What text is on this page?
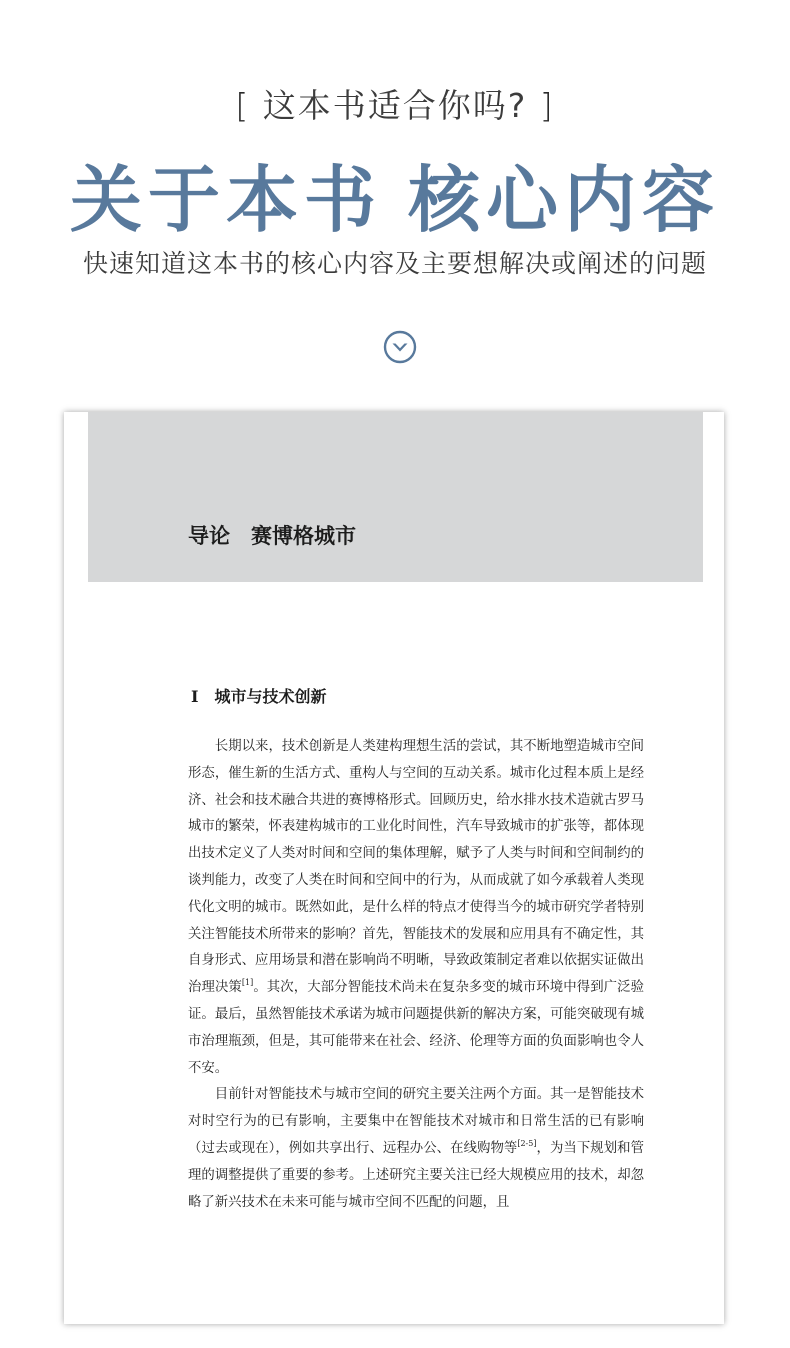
[ 这本书适合你吗? ]
关于本书 核心内容
快速知道这本书的核心内容及主要想解决或阐述的问题
导论　赛博格城市
I　城市与技术创新

长期以来，技术创新是人类建构理想生活的尝试，其不断地塑造城市空间形态，催生新的生活方式、重构人与空间的互动关系。城市化过程本质上是经济、社会和技术融合共进的赛博格形式。回顾历史，给水排水技术造就古罗马城市的繁荣，怀表建构城市的工业化时间性，汽车导致城市的扩张等，都体现出技术定义了人类对时间和空间的集体理解，赋予了人类与时间和空间制约的谈判能力，改变了人类在时间和空间中的行为，从而成就了如今承载着人类现代化文明的城市。既然如此，是什么样的特点才使得当今的城市研究学者特别关注智能技术所带来的影响？首先，智能技术的发展和应用具有不确定性，其自身形式、应用场景和潜在影响尚不明晰，导致政策制定者难以依据实证做出治理决策[1]。其次，大部分智能技术尚未在复杂多变的城市环境中得到广泛验证。最后，虽然智能技术承诺为城市问题提供新的解决方案，可能突破现有城市治理瓶颈，但是，其可能带来在社会、经济、伦理等方面的负面影响也令人不安。

目前针对智能技术与城市空间的研究主要关注两个方面。其一是智能技术对时空行为的已有影响，主要集中在智能技术对城市和日常生活的已有影响（过去或现在），例如共享出行、远程办公、在线购物等[2-5]，为当下规划和管理的调整提供了重要的参考。上述研究主要关注已经大规模应用的技术，却忽略了新兴技术在未来可能与城市空间不匹配的问题，且
